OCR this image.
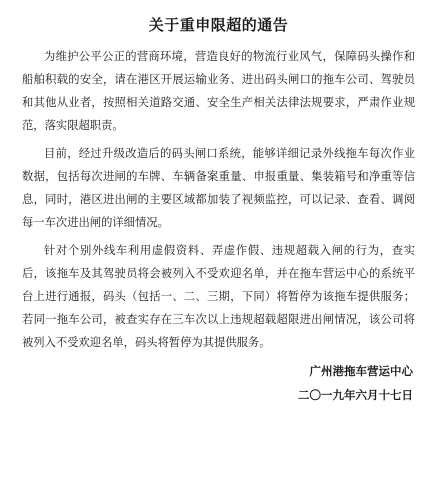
关于重申限超的通告

为维护公平公正的营商环境，营造良好的物流行业风气，保障码头操作和船舶积载的安全，请在港区开展运输业务、进出码头闸口的拖车公司、驾驶员和其他从业者，按照相关道路交通、安全生产相关法律法规要求，严肃作业规范，落实限超职责。

目前，经过升级改造后的码头闸口系统，能够详细记录外线拖车每次作业数据，包括每次进闸的车牌、车辆备案重量、申报重量、集装箱号和净重等信息，同时，港区进出闸的主要区域都加装了视频监控，可以记录、查看、调阅每一车次进出闸的详细情况。

针对个别外线车利用虚假资料、弄虚作假、违规超载入闸的行为，查实后，该拖车及其驾驶员将会被列入不受欢迎名单，并在拖车营运中心的系统平台上进行通报，码头（包括一、二、三期，下同）将暂停为该拖车提供服务；若同一拖车公司，被查实存在三车次以上违规超载超限进出闸情况，该公司将被列入不受欢迎名单，码头将暂停为其提供服务。

广州港拖车营运中心

二〇一九年六月十七日
